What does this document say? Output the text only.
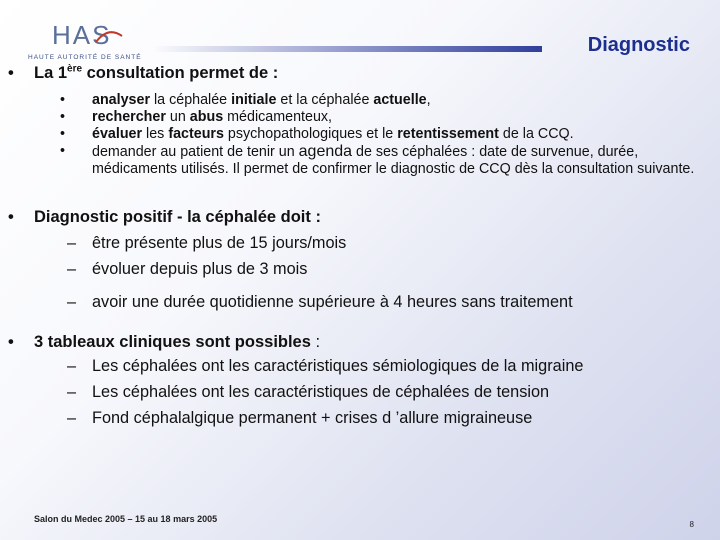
HAS
HAUTE AUTORITÉ DE SANTÉ
Diagnostic
• La 1ère consultation permet de :
• analyser la céphalée initiale et la céphalée actuelle,
• rechercher un abus médicamenteux,
• évaluer les facteurs psychopathologiques et le retentissement de la CCQ.
• demander au patient de tenir un agenda de ses céphalées : date de survenue, durée, médicaments utilisés. Il permet de confirmer le diagnostic de CCQ dès la consultation suivante.
• Diagnostic positif - la céphalée doit :
– être présente plus de 15 jours/mois
– évoluer depuis plus de 3 mois
– avoir une durée quotidienne supérieure à 4 heures sans traitement
• 3 tableaux cliniques sont possibles :
– Les céphalées ont les caractéristiques sémiologiques de la migraine
– Les céphalées ont les caractéristiques de céphalées de tension
– Fond céphalalgique permanent + crises d ’allure migraineuse
Salon du Medec 2005 – 15 au 18 mars 2005
8
